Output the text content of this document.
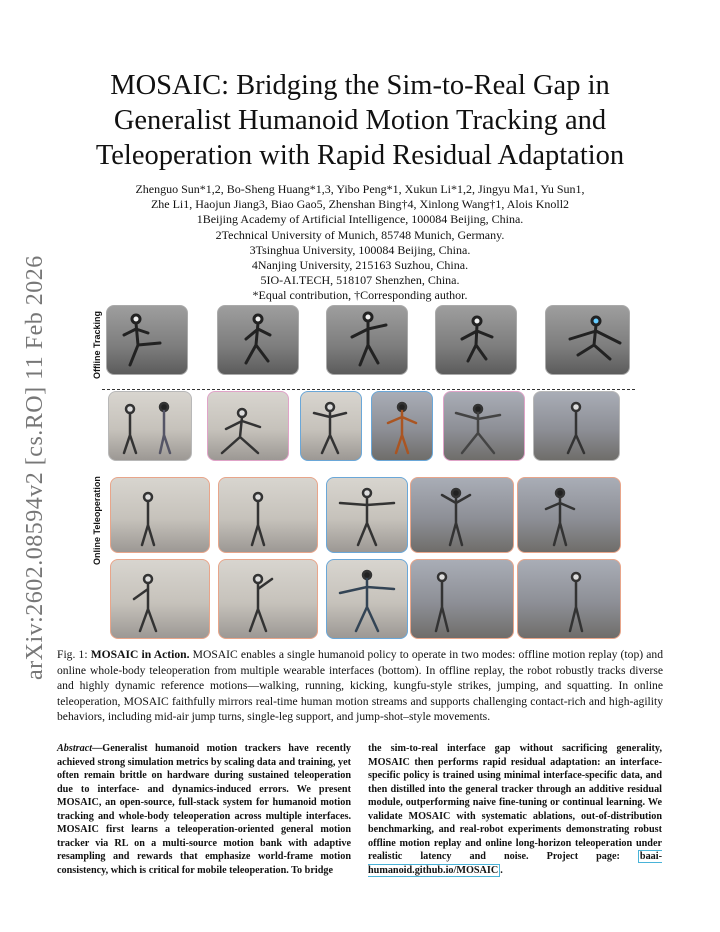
arXiv:2602.08594v2 [cs.RO] 11 Feb 2026
MOSAIC: Bridging the Sim-to-Real Gap in
Generalist Humanoid Motion Tracking and
Teleoperation with Rapid Residual Adaptation
Zhenguo Sun*1,2, Bo-Sheng Huang*1,3, Yibo Peng*1, Xukun Li*1,2, Jingyu Ma1, Yu Sun1,
Zhe Li1, Haojun Jiang3, Biao Gao5, Zhenshan Bing†4, Xinlong Wang†1, Alois Knoll2
1Beijing Academy of Artificial Intelligence, 100084 Beijing, China.
2Technical University of Munich, 85748 Munich, Germany.
3Tsinghua University, 100084 Beijing, China.
4Nanjing University, 215163 Suzhou, China.
5IO-AI.TECH, 518107 Shenzhen, China.
*Equal contribution, †Corresponding author.
Offline Tracking
Online Teleoperation
Fig. 1: MOSAIC in Action. MOSAIC enables a single humanoid policy to operate in two modes: offline motion replay (top) and online whole-body teleoperation from multiple wearable interfaces (bottom). In offline replay, the robot robustly tracks diverse and highly dynamic reference motions—walking, running, kicking, kungfu-style strikes, jumping, and squatting. In online teleoperation, MOSAIC faithfully mirrors real-time human motion streams and supports challenging contact-rich and high-agility behaviors, including mid-air jump turns, single-leg support, and jump-shot–style movements.
Abstract—Generalist humanoid motion trackers have recently achieved strong simulation metrics by scaling data and training, yet often remain brittle on hardware during sustained teleoperation due to interface- and dynamics-induced errors. We present MOSAIC, an open-source, full-stack system for humanoid motion tracking and whole-body teleoperation across multiple interfaces. MOSAIC first learns a teleoperation-oriented general motion tracker via RL on a multi-source motion bank with adaptive resampling and rewards that emphasize world-frame motion consistency, which is critical for mobile teleoperation. To bridge
the sim-to-real interface gap without sacrificing generality, MOSAIC then performs rapid residual adaptation: an interface-specific policy is trained using minimal interface-specific data, and then distilled into the general tracker through an additive residual module, outperforming naive fine-tuning or continual learning. We validate MOSAIC with systematic ablations, out-of-distribution benchmarking, and real-robot experiments demonstrating robust offline motion replay and online long-horizon teleoperation under realistic latency and noise. Project page: baai-humanoid.github.io/MOSAIC .
